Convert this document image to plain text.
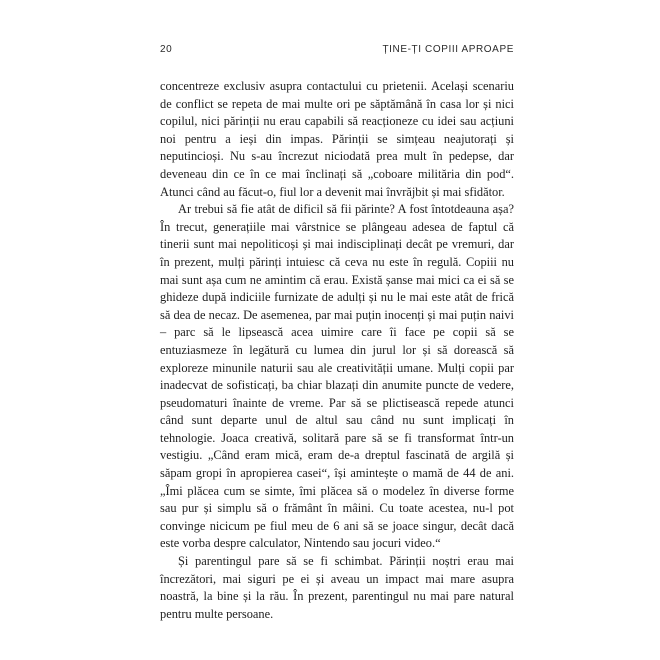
20	ȚINE-ȚI COPIII APROAPE

concentreze exclusiv asupra contactului cu prietenii. Același scenariu de conflict se repeta de mai multe ori pe săptămână în casa lor și nici copilul, nici părinții nu erau capabili să reacționeze cu idei sau acțiuni noi pentru a ieși din impas. Părinții se simțeau neajutorați și neputincioși. Nu s-au încrezut niciodată prea mult în pedepse, dar deveneau din ce în ce mai înclinați să „coboare milităria din pod“. Atunci când au făcut-o, fiul lor a devenit mai învrăjbit și mai sfidător.

Ar trebui să fie atât de dificil să fii părinte? A fost întotdeauna așa? În trecut, generațiile mai vârstnice se plângeau adesea de faptul că tinerii sunt mai nepoliticoși și mai indisciplinați decât pe vremuri, dar în prezent, mulți părinți intuiesc că ceva nu este în regulă. Copiii nu mai sunt așa cum ne amintim că erau. Există șanse mai mici ca ei să se ghideze după indiciile furnizate de adulți și nu le mai este atât de frică să dea de necaz. De asemenea, par mai puțin inocenți și mai puțin naivi – parc să le lipsească acea uimire care îi face pe copii să se entuziasmeze în legătură cu lumea din jurul lor și să dorească să exploreze minunile naturii sau ale creativității umane. Mulți copii par inadecvat de sofisticați, ba chiar blazați din anumite puncte de vedere, pseudomaturi înainte de vreme. Par să se plictisească repede atunci când sunt departe unul de altul sau când nu sunt implicați în tehnologie. Joaca creativă, solitară pare să se fi transformat într-un vestigiu. „Când eram mică, eram de-a dreptul fascinată de argilă și săpam gropi în apropierea casei“, își amintește o mamă de 44 de ani. „Îmi plăcea cum se simte, îmi plăcea să o modelez în diverse forme sau pur și simplu să o frământ în mâini. Cu toate acestea, nu-l pot convinge nicicum pe fiul meu de 6 ani să se joace singur, decât dacă este vorba despre calculator, Nintendo sau jocuri video.“

Și parentingul pare să se fi schimbat. Părinții noștri erau mai încrezători, mai siguri pe ei și aveau un impact mai mare asupra noastră, la bine și la rău. În prezent, parentingul nu mai pare natural pentru multe persoane.
